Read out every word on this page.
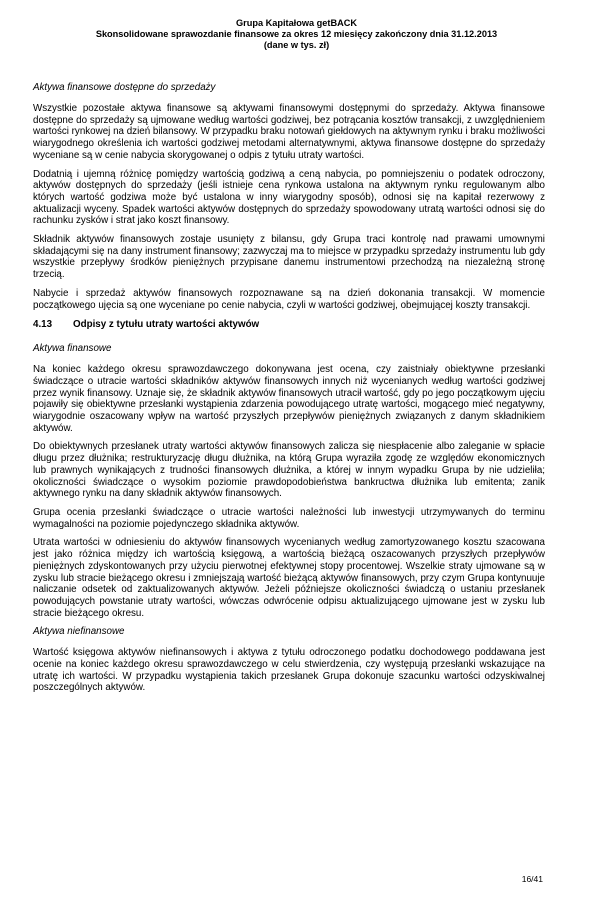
Grupa Kapitałowa getBACK
Skonsolidowane sprawozdanie finansowe za okres 12 miesięcy zakończony dnia 31.12.2013
(dane w tys. zł)
Aktywa finansowe dostępne do sprzedaży

Wszystkie pozostałe aktywa finansowe są aktywami finansowymi dostępnymi do sprzedaży. Aktywa finansowe dostępne do sprzedaży są ujmowane według wartości godziwej, bez potrącania kosztów transakcji, z uwzględnieniem wartości rynkowej na dzień bilansowy. W przypadku braku notowań giełdowych na aktywnym rynku i braku możliwości wiarygodnego określenia ich wartości godziwej metodami alternatywnymi, aktywa finansowe dostępne do sprzedaży wyceniane są w cenie nabycia skorygowanej o odpis z tytułu utraty wartości.

Dodatnią i ujemną różnicę pomiędzy wartością godziwą a ceną nabycia, po pomniejszeniu o podatek odroczony, aktywów dostępnych do sprzedaży (jeśli istnieje cena rynkowa ustalona na aktywnym rynku regulowanym albo których wartość godziwa może być ustalona w inny wiarygodny sposób), odnosi się na kapitał rezerwowy z aktualizacji wyceny. Spadek wartości aktywów dostępnych do sprzedaży spowodowany utratą wartości odnosi się do rachunku zysków i strat jako koszt finansowy.

Składnik aktywów finansowych zostaje usunięty z bilansu, gdy Grupa traci kontrolę nad prawami umownymi składającymi się na dany instrument finansowy; zazwyczaj ma to miejsce w przypadku sprzedaży instrumentu lub gdy wszystkie przepływy środków pieniężnych przypisane danemu instrumentowi przechodzą na niezależną stronę trzecią.

Nabycie i sprzedaż aktywów finansowych rozpoznawane są na dzień dokonania transakcji. W momencie początkowego ujęcia są one wyceniane po cenie nabycia, czyli w wartości godziwej, obejmującej koszty transakcji.

4.13	Odpisy z tytułu utraty wartości aktywów
Aktywa finansowe

Na koniec każdego okresu sprawozdawczego dokonywana jest ocena, czy zaistniały obiektywne przesłanki świadczące o utracie wartości składników aktywów finansowych innych niż wycenianych według wartości godziwej przez wynik finansowy. Uznaje się, że składnik aktywów finansowych utracił wartość, gdy po jego początkowym ujęciu pojawiły się obiektywne przesłanki wystąpienia zdarzenia powodującego utratę wartości, mogącego mieć negatywny, wiarygodnie oszacowany wpływ na wartość przyszłych przepływów pieniężnych związanych z danym składnikiem aktywów.

Do obiektywnych przesłanek utraty wartości aktywów finansowych zalicza się niespłacenie albo zaleganie w spłacie długu przez dłużnika; restrukturyzację długu dłużnika, na którą Grupa wyraziła zgodę ze względów ekonomicznych lub prawnych wynikających z trudności finansowych dłużnika, a której w innym wypadku Grupa by nie udzieliła; okoliczności świadczące o wysokim poziomie prawdopodobieństwa bankructwa dłużnika lub emitenta; zanik aktywnego rynku na dany składnik aktywów finansowych.

Grupa ocenia przesłanki świadczące o utracie wartości należności lub inwestycji utrzymywanych do terminu wymagalności na poziomie pojedynczego składnika aktywów.

Utrata wartości w odniesieniu do aktywów finansowych wycenianych według zamortyzowanego kosztu szacowana jest jako różnica między ich wartością księgową, a wartością bieżącą oszacowanych przyszłych przepływów pieniężnych zdyskontowanych przy użyciu pierwotnej efektywnej stopy procentowej. Wszelkie straty ujmowane są w zysku lub stracie bieżącego okresu i zmniejszają wartość bieżącą aktywów finansowych, przy czym Grupa kontynuuje naliczanie odsetek od zaktualizowanych aktywów. Jeżeli późniejsze okoliczności świadczą o ustaniu przesłanek powodujących powstanie utraty wartości, wówczas odwrócenie odpisu aktualizującego ujmowane jest w zysku lub stracie bieżącego okresu.

Aktywa niefinansowe

Wartość księgowa aktywów niefinansowych i aktywa z tytułu odroczonego podatku dochodowego poddawana jest ocenie na koniec każdego okresu sprawozdawczego w celu stwierdzenia, czy występują przesłanki wskazujące na utratę ich wartości. W przypadku wystąpienia takich przesłanek Grupa dokonuje szacunku wartości odzyskiwalnej poszczególnych aktywów.

16/41
